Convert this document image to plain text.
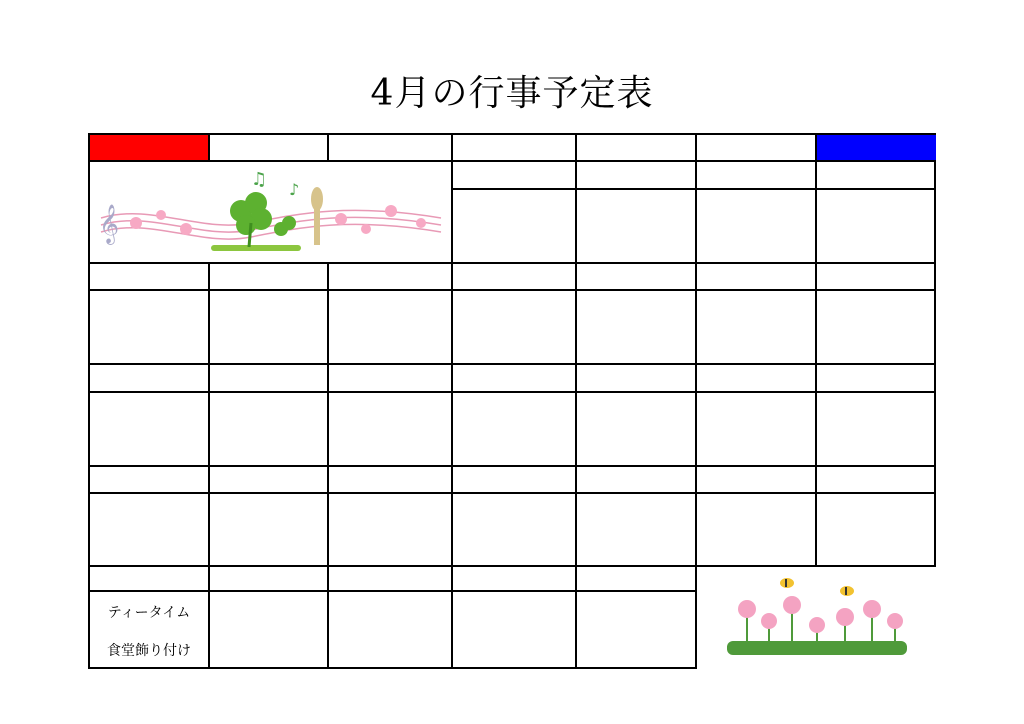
4月の行事予定表
ティータイム
食堂飾り付け
𝄞
♫ ♪
